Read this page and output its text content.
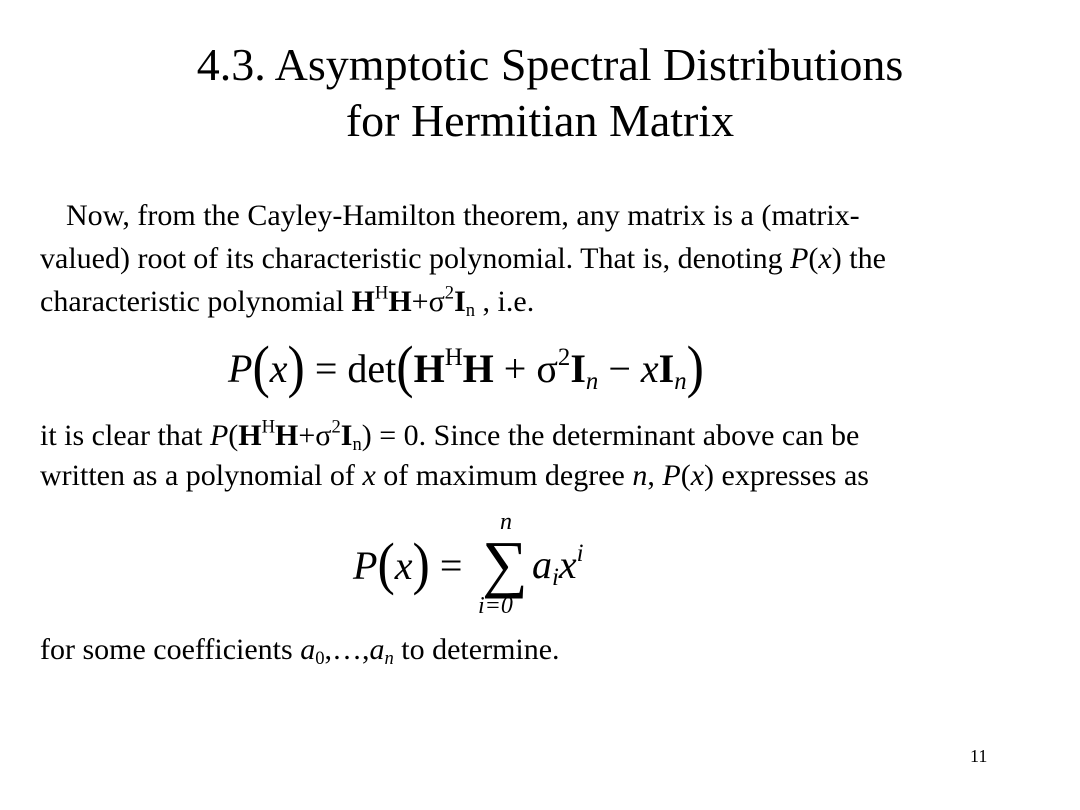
4.3. Asymptotic Spectral Distributions
for Hermitian Matrix
Now, from the Cayley-Hamilton theorem, any matrix is a (matrix-
valued) root of its characteristic polynomial. That is, denoting P(x) the
characteristic polynomial $H^HH+\sigma^2I_n$ , i.e.
$P(x) = \det(H^HH + \sigma^2I_n - xI_n)$
it is clear that $P(H^HH+\sigma^2I_n) = 0$. Since the determinant above can be
written as a polynomial of x of maximum degree n, P(x) expresses as
P(x) =
n
∑
i=0
$a_ix^i$
for some coefficients $a_0,\dots,a_n$ to determine.
11
